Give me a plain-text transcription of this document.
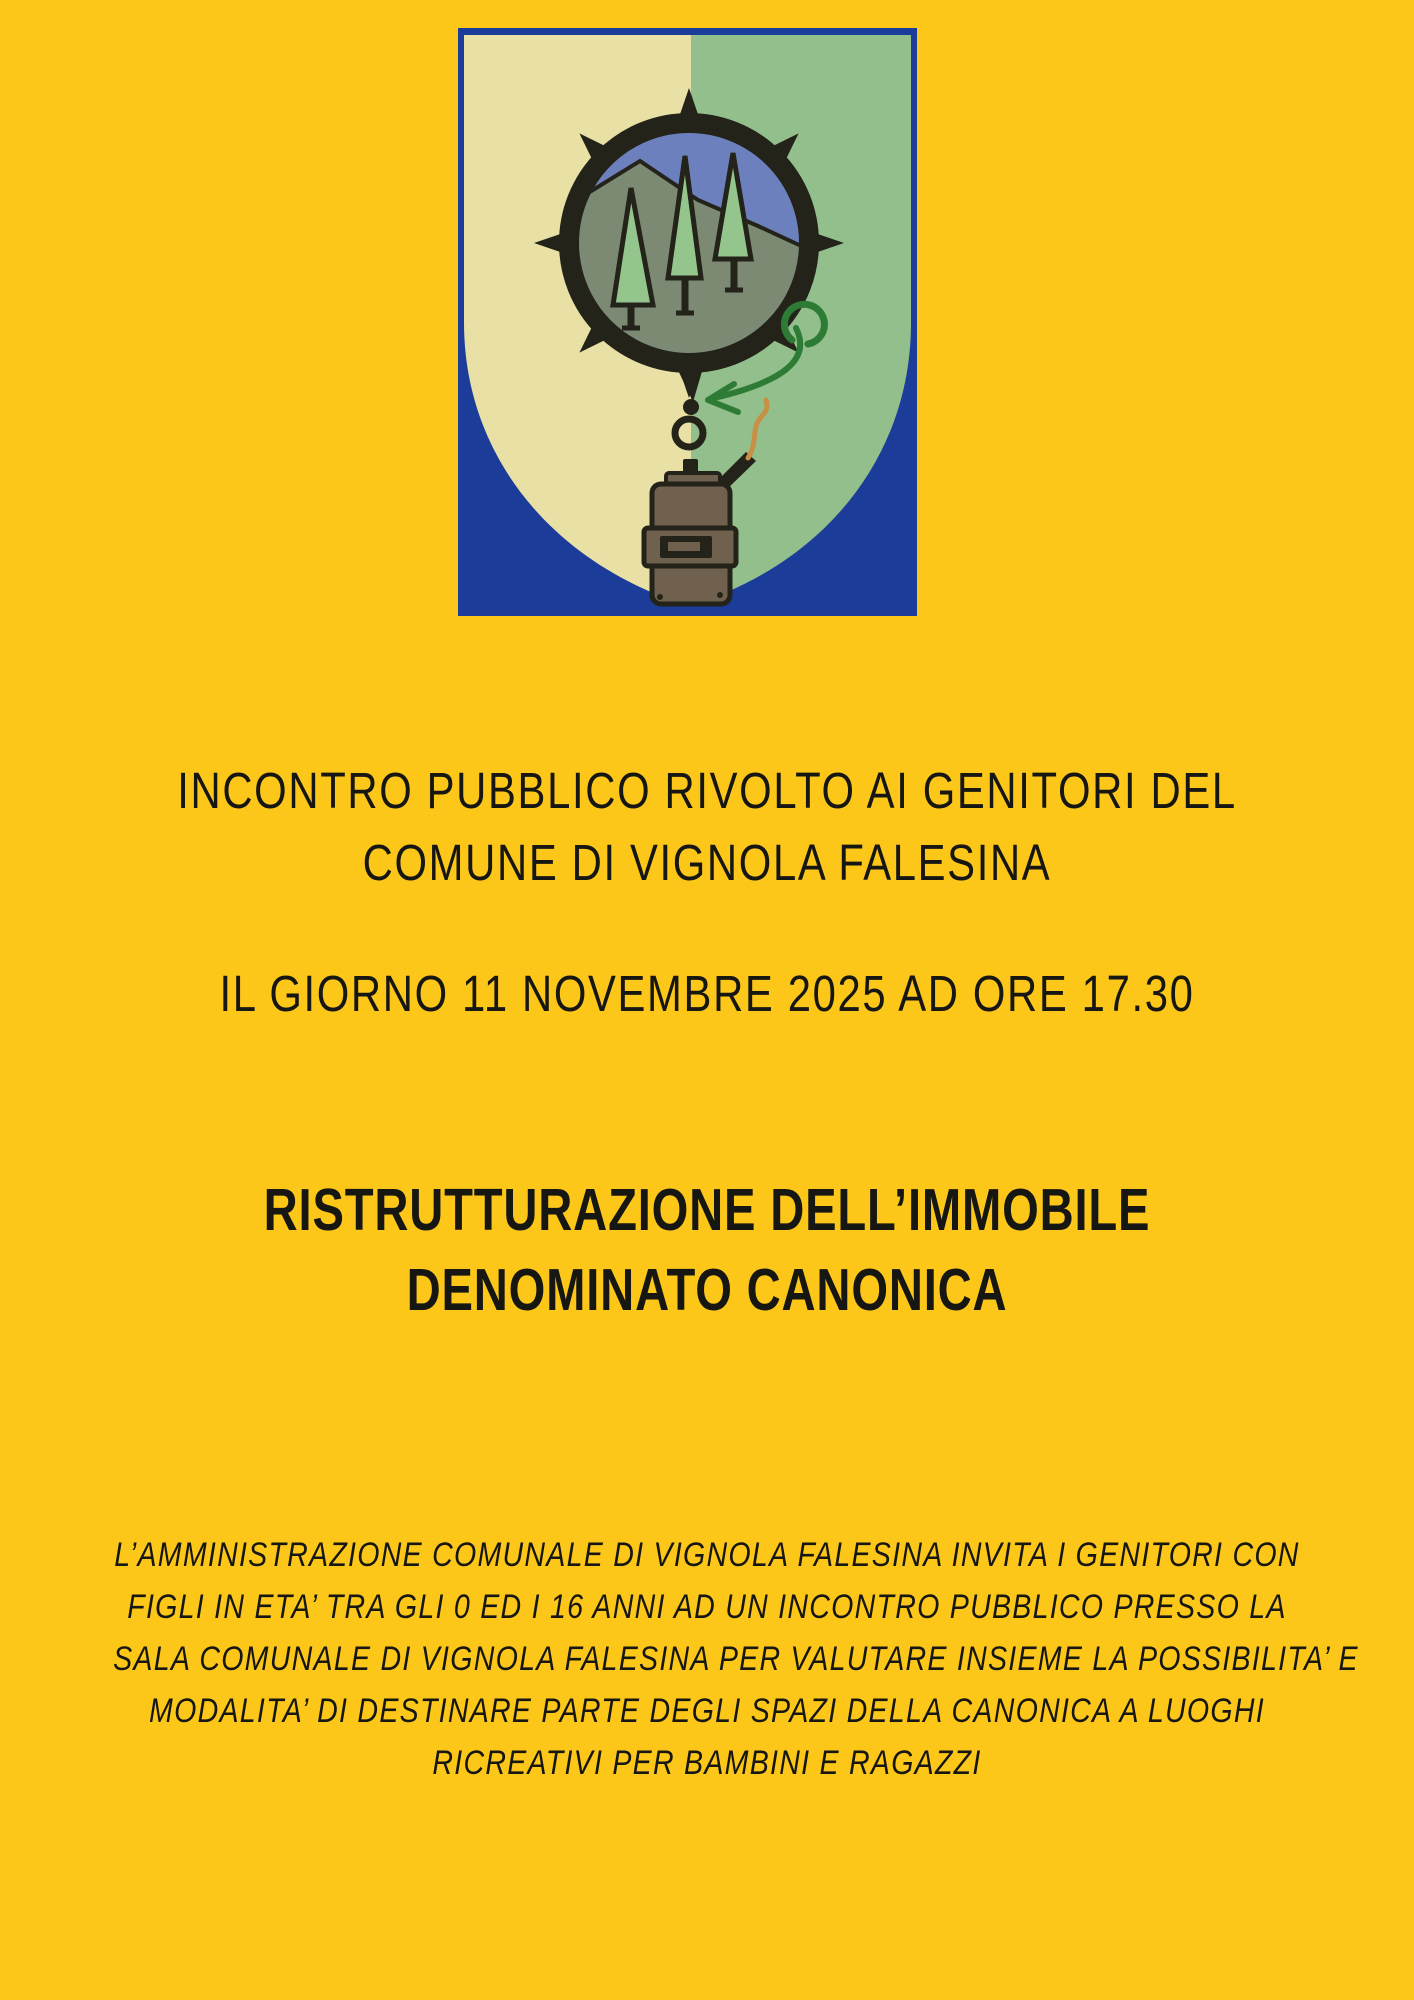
INCONTRO PUBBLICO RIVOLTO AI GENITORI DEL
COMUNE DI VIGNOLA FALESINA
IL GIORNO 11 NOVEMBRE 2025 AD ORE 17.30
RISTRUTTURAZIONE DELL’IMMOBILE
DENOMINATO CANONICA
L’AMMINISTRAZIONE COMUNALE DI VIGNOLA FALESINA INVITA I GENITORI CON
FIGLI IN ETA’ TRA GLI 0 ED I 16 ANNI AD UN INCONTRO PUBBLICO PRESSO LA
SALA COMUNALE DI VIGNOLA FALESINA PER VALUTARE INSIEME LA POSSIBILITA’ E
MODALITA’ DI DESTINARE PARTE DEGLI SPAZI DELLA CANONICA A LUOGHI
RICREATIVI PER BAMBINI E RAGAZZI
